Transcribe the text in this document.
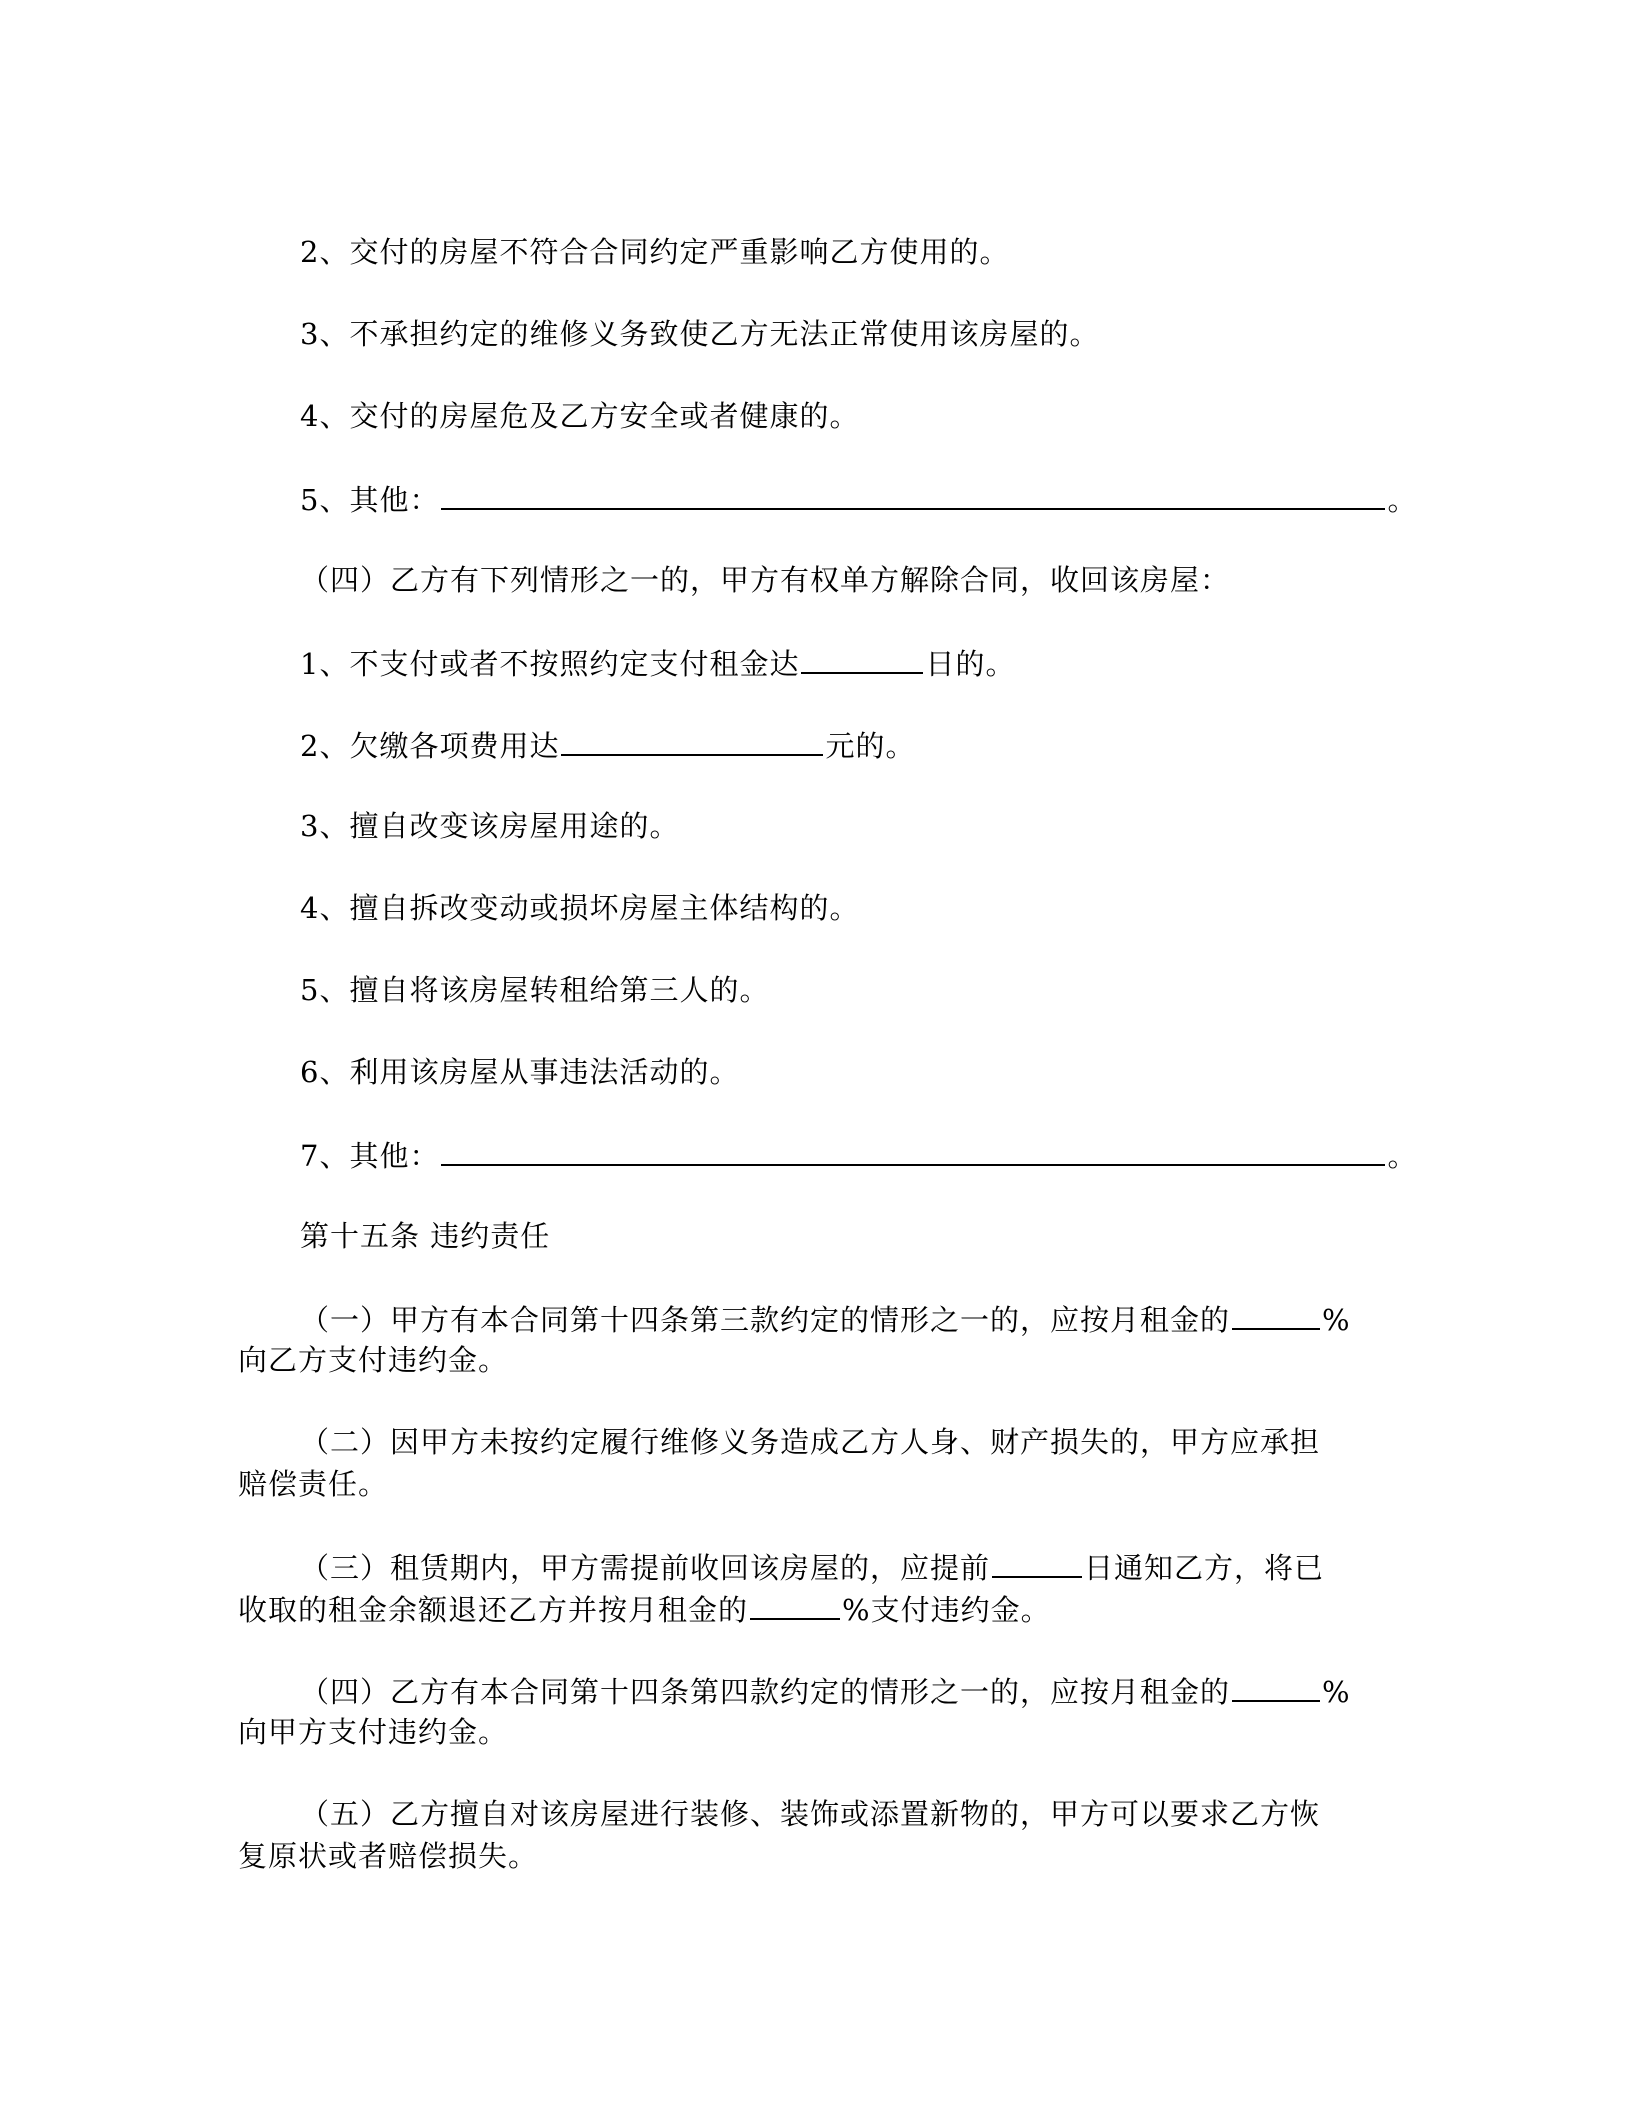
2、交付的房屋不符合合同约定严重影响乙方使用的。
3、不承担约定的维修义务致使乙方无法正常使用该房屋的。
4、交付的房屋危及乙方安全或者健康的。
5、其他：	。
（四）乙方有下列情形之一的，甲方有权单方解除合同，收回该房屋：
1、不支付或者不按照约定支付租金达	日的。
2、欠缴各项费用达	元的。
3、擅自改变该房屋用途的。
4、擅自拆改变动或损坏房屋主体结构的。
5、擅自将该房屋转租给第三人的。
6、利用该房屋从事违法活动的。
7、其他：	。
第十五条 违约责任
（一）甲方有本合同第十四条第三款约定的情形之一的，应按月租金的	%
向乙方支付违约金。
（二）因甲方未按约定履行维修义务造成乙方人身、财产损失的，甲方应承担
赔偿责任。
（三）租赁期内，甲方需提前收回该房屋的，应提前	日通知乙方，将已
收取的租金余额退还乙方并按月租金的	%支付违约金。
（四）乙方有本合同第十四条第四款约定的情形之一的，应按月租金的	%
向甲方支付违约金。
（五）乙方擅自对该房屋进行装修、装饰或添置新物的，甲方可以要求乙方恢
复原状或者赔偿损失。
